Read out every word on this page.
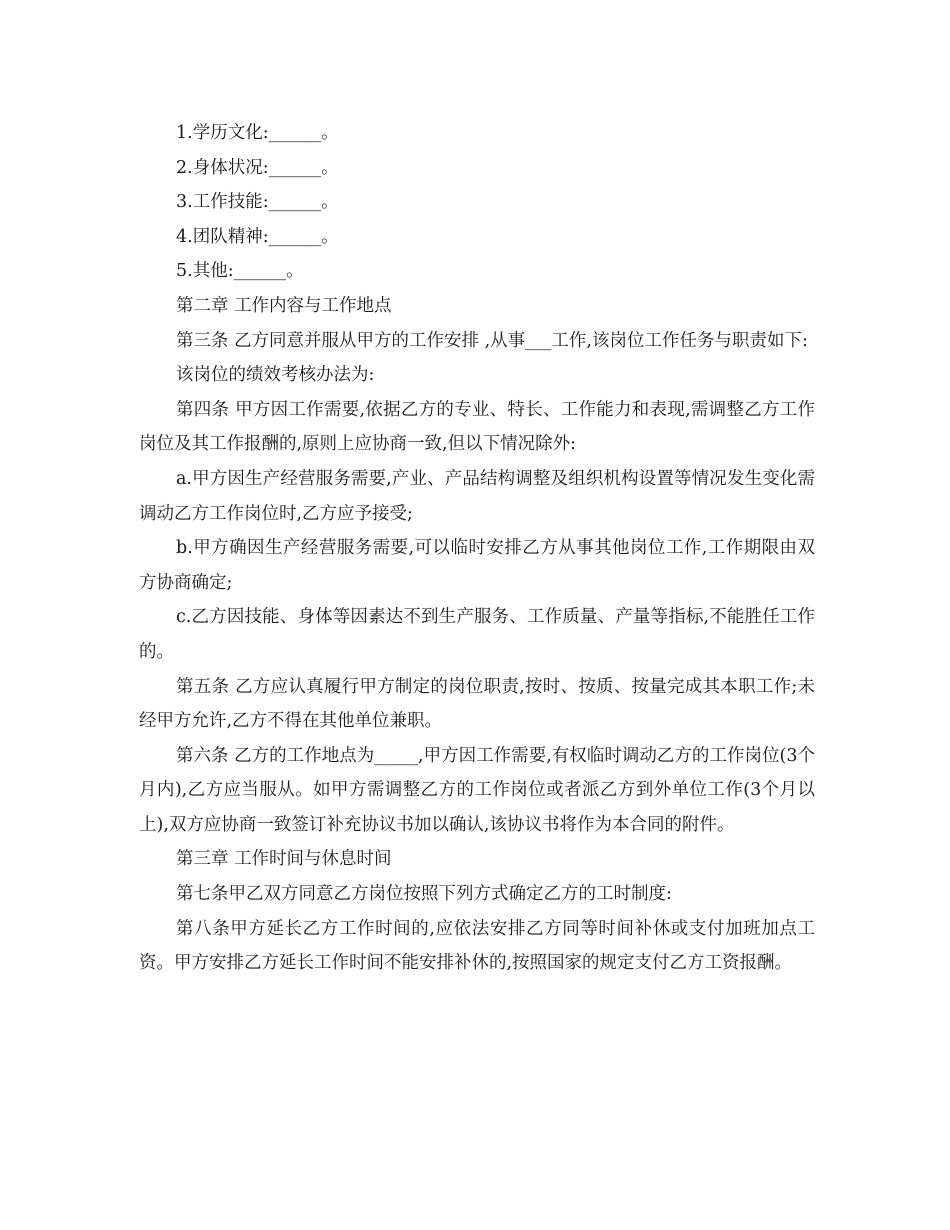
1.学历文化:______。

2.身体状况:______。

3.工作技能:______。

4.团队精神:______。

5.其他:______。

第二章 工作内容与工作地点

第三条 乙方同意并服从甲方的工作安排 ,从事___工作,该岗位工作任务与职责如下:

该岗位的绩效考核办法为:

第四条 甲方因工作需要,依据乙方的专业、特长、工作能力和表现,需调整乙方工作岗位及其工作报酬的,原则上应协商一致,但以下情况除外:

a.甲方因生产经营服务需要,产业、产品结构调整及组织机构设置等情况发生变化需调动乙方工作岗位时,乙方应予接受;

b.甲方确因生产经营服务需要,可以临时安排乙方从事其他岗位工作,工作期限由双方协商确定;

c.乙方因技能、身体等因素达不到生产服务、工作质量、产量等指标,不能胜任工作的。

第五条 乙方应认真履行甲方制定的岗位职责,按时、按质、按量完成其本职工作;未经甲方允许,乙方不得在其他单位兼职。

第六条 乙方的工作地点为_____,甲方因工作需要,有权临时调动乙方的工作岗位(3个月内),乙方应当服从。如甲方需调整乙方的工作岗位或者派乙方到外单位工作(3个月以上),双方应协商一致签订补充协议书加以确认,该协议书将作为本合同的附件。

第三章 工作时间与休息时间

第七条甲乙双方同意乙方岗位按照下列方式确定乙方的工时制度:

第八条甲方延长乙方工作时间的,应依法安排乙方同等时间补休或支付加班加点工资。甲方安排乙方延长工作时间不能安排补休的,按照国家的规定支付乙方工资报酬。
